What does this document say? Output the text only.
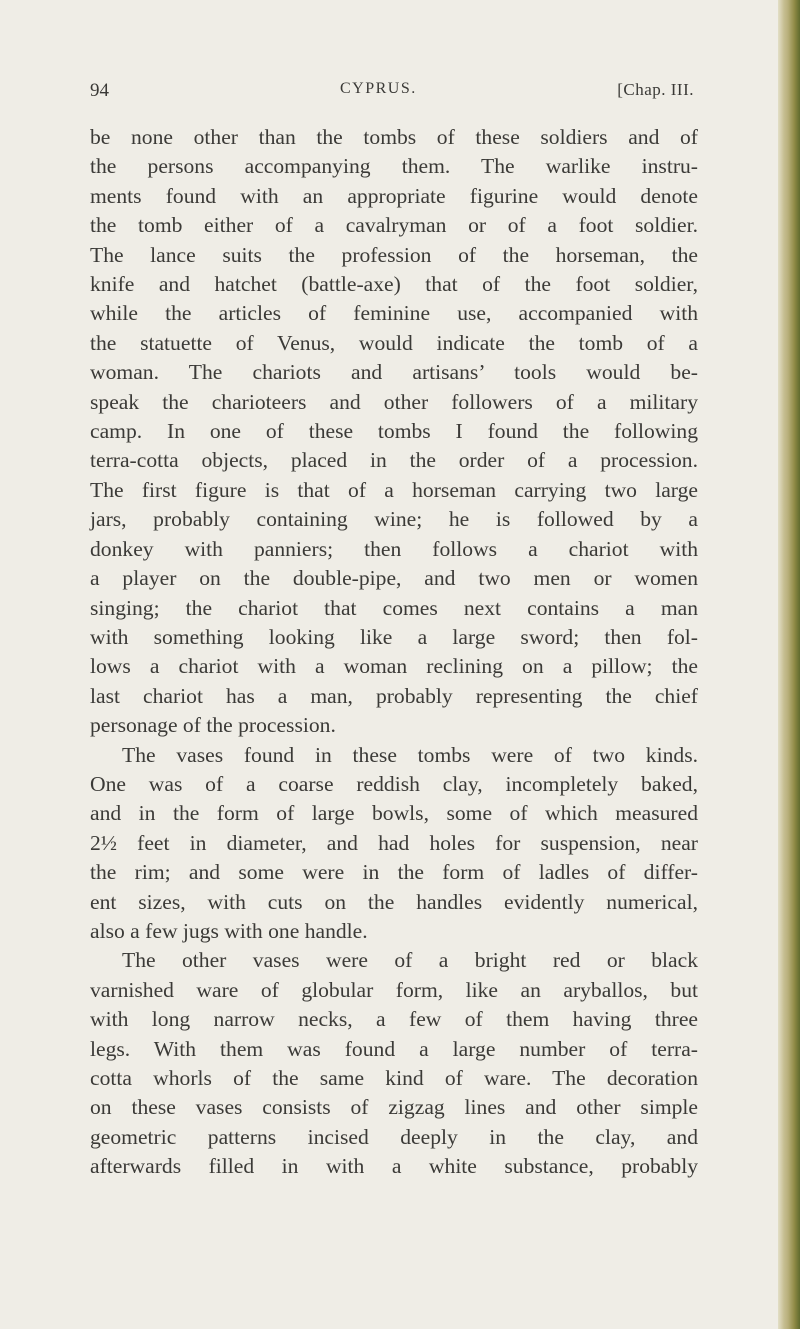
94	CYPRUS.	[Chap. III.
be none other than the tombs of these soldiers and of
the persons accompanying them. The warlike instru-
ments found with an appropriate figurine would denote
the tomb either of a cavalryman or of a foot soldier.
The lance suits the profession of the horseman, the
knife and hatchet (battle-axe) that of the foot soldier,
while the articles of feminine use, accompanied with
the statuette of Venus, would indicate the tomb of a
woman. The chariots and artisans’ tools would be-
speak the charioteers and other followers of a military
camp. In one of these tombs I found the following
terra-cotta objects, placed in the order of a procession.
The first figure is that of a horseman carrying two large
jars, probably containing wine; he is followed by a
donkey with panniers; then follows a chariot with
a player on the double-pipe, and two men or women
singing; the chariot that comes next contains a man
with something looking like a large sword; then fol-
lows a chariot with a woman reclining on a pillow; the
last chariot has a man, probably representing the chief
personage of the procession.
The vases found in these tombs were of two kinds.
One was of a coarse reddish clay, incompletely baked,
and in the form of large bowls, some of which measured
2½ feet in diameter, and had holes for suspension, near
the rim; and some were in the form of ladles of differ-
ent sizes, with cuts on the handles evidently numerical,
also a few jugs with one handle.
The other vases were of a bright red or black
varnished ware of globular form, like an aryballos, but
with long narrow necks, a few of them having three
legs. With them was found a large number of terra-
cotta whorls of the same kind of ware. The decoration
on these vases consists of zigzag lines and other simple
geometric patterns incised deeply in the clay, and
afterwards filled in with a white substance, probably
